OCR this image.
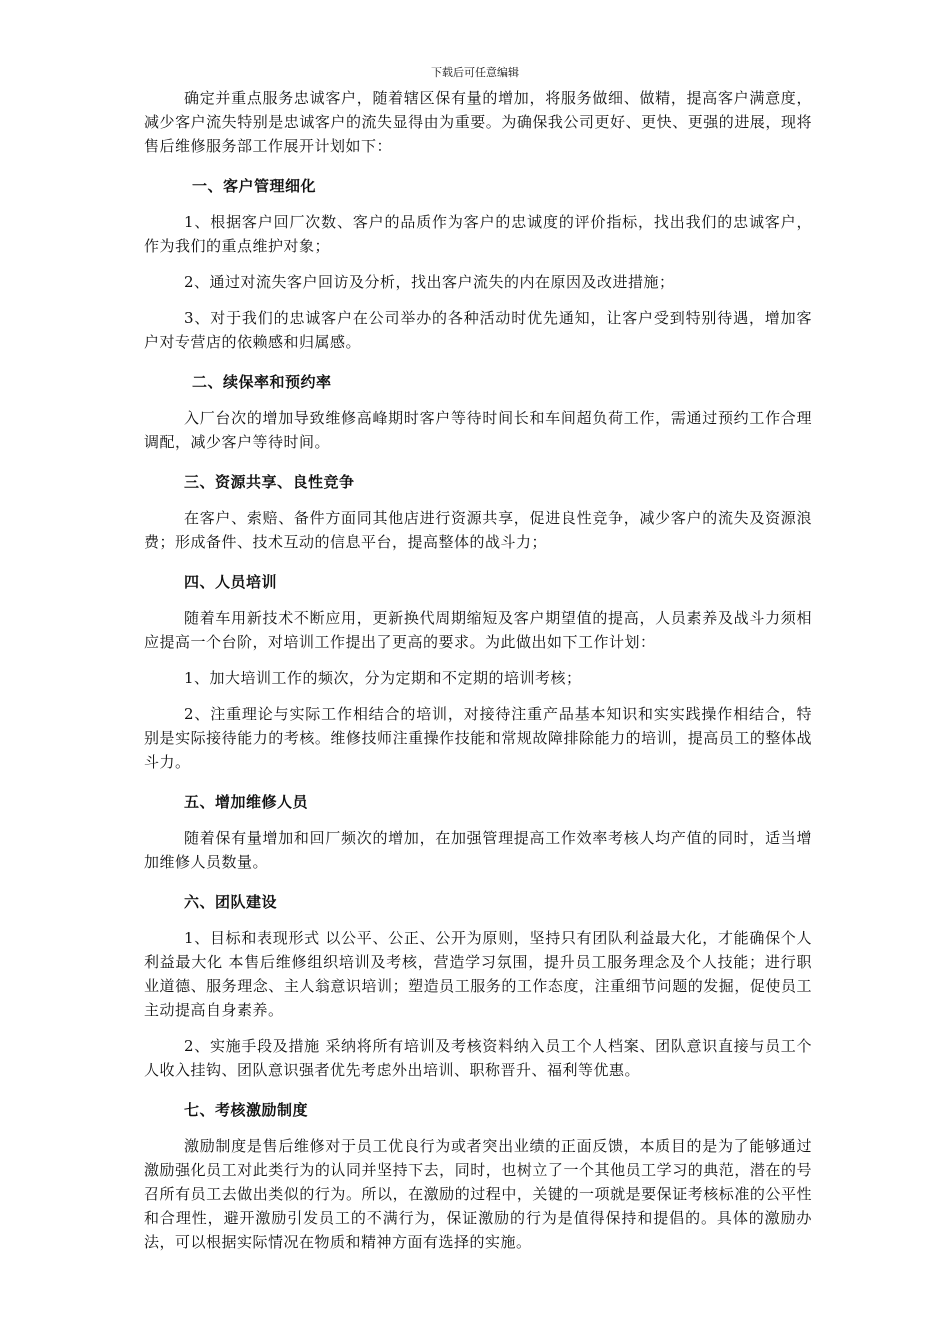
下载后可任意编辑

确定并重点服务忠诚客户，随着辖区保有量的增加，将服务做细、做精，提高客户满意度，减少客户流失特别是忠诚客户的流失显得由为重要。为确保我公司更好、更快、更强的进展，现将售后维修服务部工作展开计划如下：

一、客户管理细化

1、根据客户回厂次数、客户的品质作为客户的忠诚度的评价指标，找出我们的忠诚客户，作为我们的重点维护对象；

2、通过对流失客户回访及分析，找出客户流失的内在原因及改进措施；

3、对于我们的忠诚客户在公司举办的各种活动时优先通知，让客户受到特别待遇，增加客户对专营店的依赖感和归属感。

二、续保率和预约率

入厂台次的增加导致维修高峰期时客户等待时间长和车间超负荷工作，需通过预约工作合理调配，减少客户等待时间。

三、资源共享、良性竞争

在客户、索赔、备件方面同其他店进行资源共享，促进良性竞争，减少客户的流失及资源浪费；形成备件、技术互动的信息平台，提高整体的战斗力；

四、人员培训

随着车用新技术不断应用，更新换代周期缩短及客户期望值的提高，人员素养及战斗力须相应提高一个台阶，对培训工作提出了更高的要求。为此做出如下工作计划：

1、加大培训工作的频次，分为定期和不定期的培训考核；

2、注重理论与实际工作相结合的培训，对接待注重产品基本知识和实实践操作相结合，特别是实际接待能力的考核。维修技师注重操作技能和常规故障排除能力的培训，提高员工的整体战斗力。

五、增加维修人员

随着保有量增加和回厂频次的增加，在加强管理提高工作效率考核人均产值的同时，适当增加维修人员数量。

六、团队建设

1、目标和表现形式 以公平、公正、公开为原则，坚持只有团队利益最大化，才能确保个人利益最大化 本售后维修组织培训及考核，营造学习氛围，提升员工服务理念及个人技能；进行职业道德、服务理念、主人翁意识培训；塑造员工服务的工作态度，注重细节问题的发掘，促使员工主动提高自身素养。

2、实施手段及措施 采纳将所有培训及考核资料纳入员工个人档案、团队意识直接与员工个人收入挂钩、团队意识强者优先考虑外出培训、职称晋升、福利等优惠。

七、考核激励制度

激励制度是售后维修对于员工优良行为或者突出业绩的正面反馈，本质目的是为了能够通过激励强化员工对此类行为的认同并坚持下去，同时，也树立了一个其他员工学习的典范，潜在的号召所有员工去做出类似的行为。所以，在激励的过程中，关键的一项就是要保证考核标准的公平性和合理性，避开激励引发员工的不满行为，保证激励的行为是值得保持和提倡的。具体的激励办法，可以根据实际情况在物质和精神方面有选择的实施。
